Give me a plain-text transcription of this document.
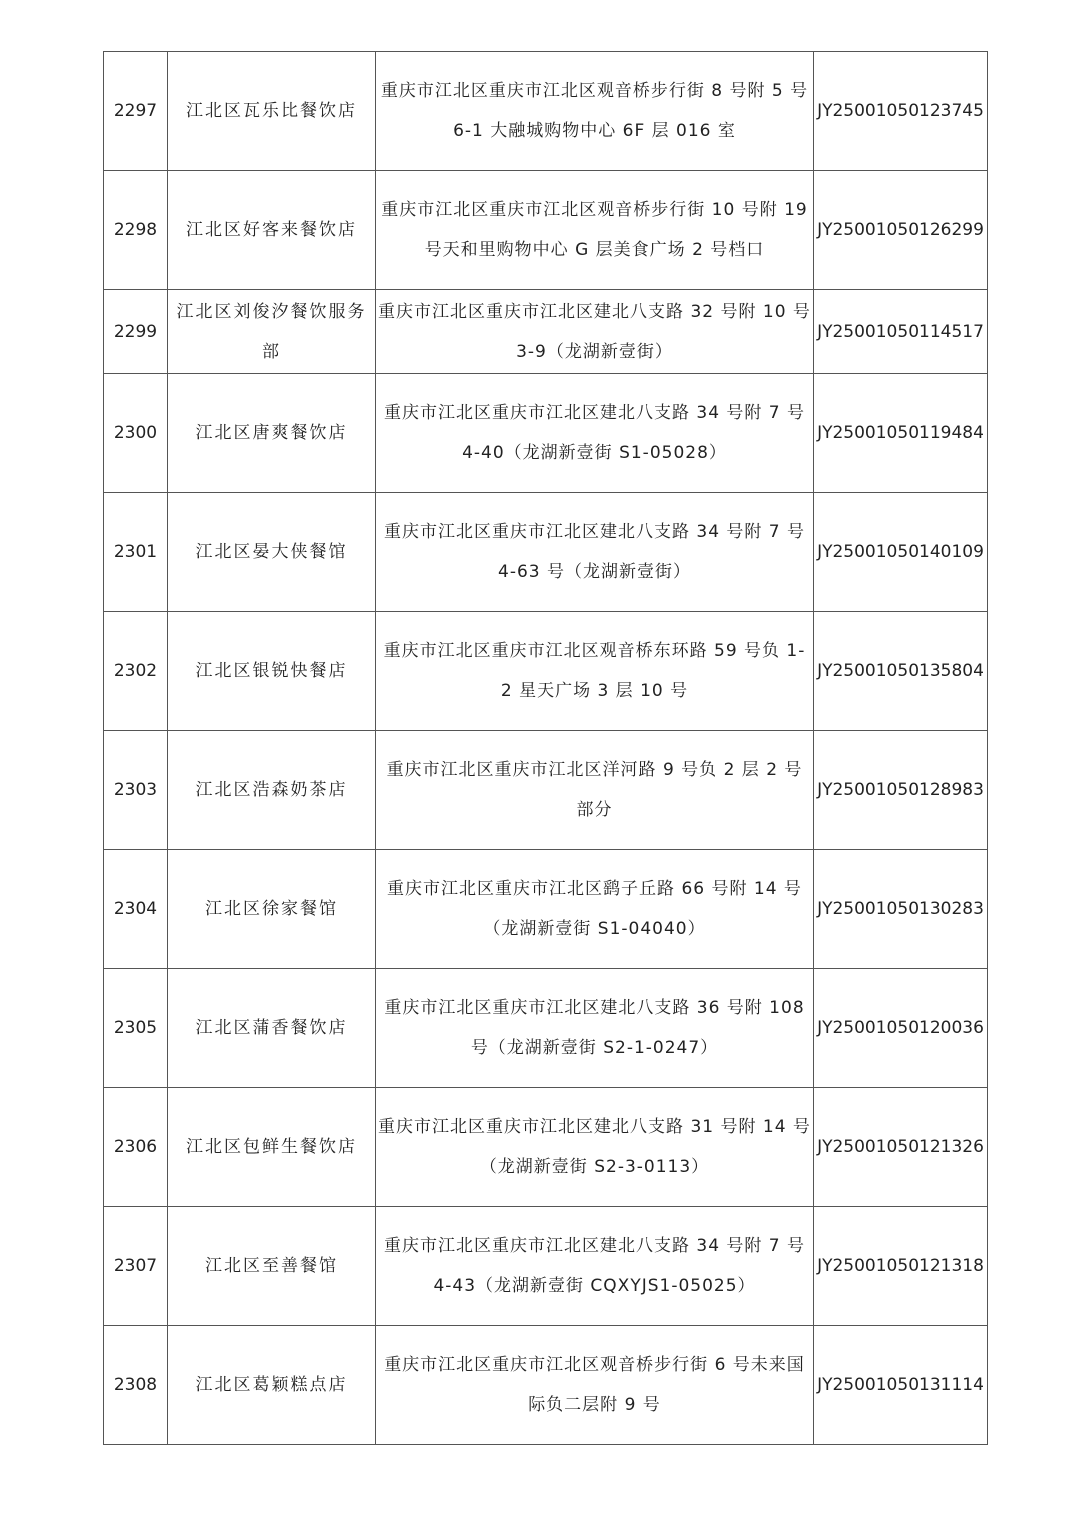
2297	江北区瓦乐比餐饮店	重庆市江北区重庆市江北区观音桥步行街 8 号附 5 号 6-1 大融城购物中心 6F 层 016 室	JY25001050123745
2298	江北区好客来餐饮店	重庆市江北区重庆市江北区观音桥步行街 10 号附 19 号天和里购物中心 G 层美食广场 2 号档口	JY25001050126299
2299	江北区刘俊汐餐饮服务部	重庆市江北区重庆市江北区建北八支路 32 号附 10 号 3-9（龙湖新壹街）	JY25001050114517
2300	江北区唐爽餐饮店	重庆市江北区重庆市江北区建北八支路 34 号附 7 号 4-40（龙湖新壹街 S1-05028）	JY25001050119484
2301	江北区晏大侠餐馆	重庆市江北区重庆市江北区建北八支路 34 号附 7 号 4-63 号（龙湖新壹街）	JY25001050140109
2302	江北区银锐快餐店	重庆市江北区重庆市江北区观音桥东环路 59 号负 1-2 星天广场 3 层 10 号	JY25001050135804
2303	江北区浩森奶茶店	重庆市江北区重庆市江北区洋河路 9 号负 2 层 2 号部分	JY25001050128983
2304	江北区徐家餐馆	重庆市江北区重庆市江北区鹞子丘路 66 号附 14 号（龙湖新壹街 S1-04040）	JY25001050130283
2305	江北区蒲香餐饮店	重庆市江北区重庆市江北区建北八支路 36 号附 108 号（龙湖新壹街 S2-1-0247）	JY25001050120036
2306	江北区包鲜生餐饮店	重庆市江北区重庆市江北区建北八支路 31 号附 14 号（龙湖新壹街 S2-3-0113）	JY25001050121326
2307	江北区至善餐馆	重庆市江北区重庆市江北区建北八支路 34 号附 7 号 4-43（龙湖新壹街 CQXYJS1-05025）	JY25001050121318
2308	江北区葛颖糕点店	重庆市江北区重庆市江北区观音桥步行街 6 号未来国际负二层附 9 号	JY25001050131114
